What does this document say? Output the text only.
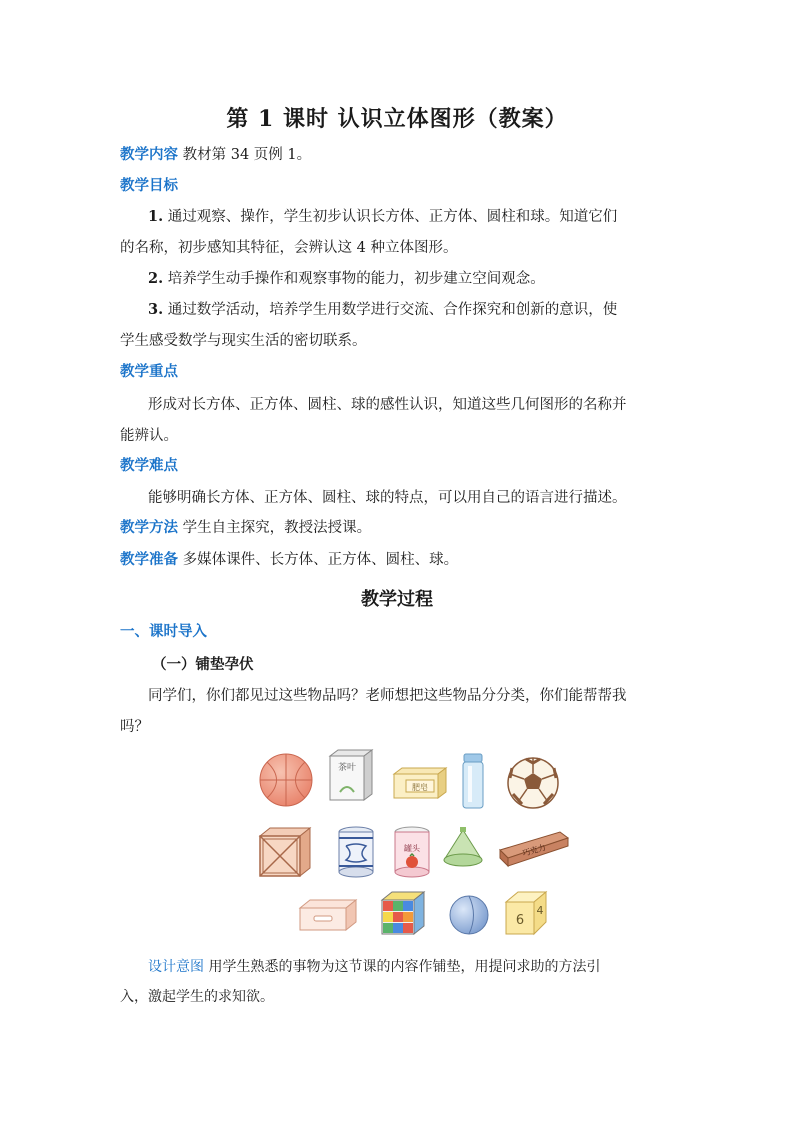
第 1 课时 认识立体图形（教案）
教学内容 教材第 34 页例 1。
教学目标
1. 通过观察、操作，学生初步认识长方体、正方体、圆柱和球。知道它们
的名称，初步感知其特征，会辨认这 4 种立体图形。
2. 培养学生动手操作和观察事物的能力，初步建立空间观念。
3. 通过数学活动，培养学生用数学进行交流、合作探究和创新的意识，使
学生感受数学与现实生活的密切联系。
教学重点
形成对长方体、正方体、圆柱、球的感性认识，知道这些几何图形的名称并
能辨认。
教学难点
能够明确长方体、正方体、圆柱、球的特点，可以用自己的语言进行描述。
教学方法 学生自主探究，教授法授课。
教学准备 多媒体课件、长方体、正方体、圆柱、球。
教学过程
一、课时导入
（一）铺垫孕伏
同学们，你们都见过这些物品吗？老师想把这些物品分分类，你们能帮帮我
吗？
茶叶
肥皂
罐头	巧克力
4
9
设计意图 用学生熟悉的事物为这节课的内容作铺垫，用提问求助的方法引
入，激起学生的求知欲。
